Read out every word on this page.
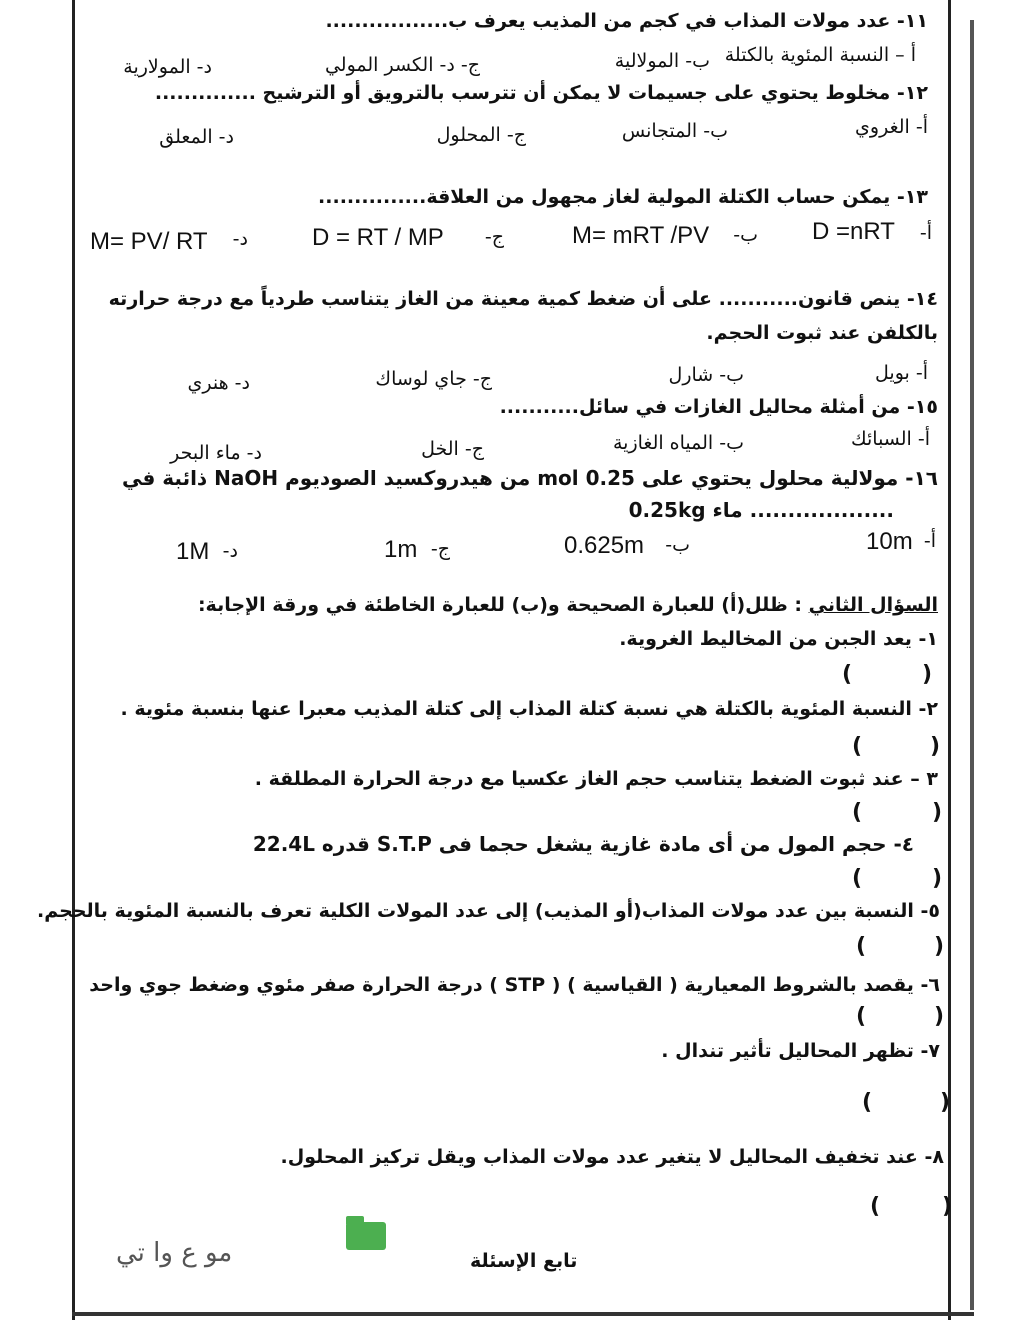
١١- عدد مولات المذاب في كجم من المذيب يعرف ب.................
أ – النسبة المئوية بالكتلة
ب- المولالية
ج- د- الكسر المولي
د- المولارية
١٢- مخلوط يحتوي على جسيمات لا يمكن أن تترسب بالترويق أو الترشيح ..............
أ- الغروي
ب- المتجانس
ج- المحلول
د- المعلق
١٣- يمكن حساب الكتلة المولية لغاز مجهول من العلاقة...............
أ-
D =nRT
ب-
M= mRT /PV
ج-
D = RT / MP
د-
M= PV/ RT
١٤- ينص قانون........... على أن ضغط كمية معينة من الغاز يتناسب طردياً مع درجة حرارته
بالكلفن عند ثبوت الحجم.
أ- بويل
ب- شارل
ج- جاي لوساك
د- هنري
١٥- من أمثلة محاليل الغازات في سائل...........
أ- السبائك
ب- المياه الغازية
ج- الخل
د- ماء البحر
١٦- مولالية محلول يحتوي على 0.25 mol من هيدروكسيد الصوديوم NaOH ذائبة في
0.25kg ماء ...................
أ-
10m
ب-
0.625m
ج-
1m
د-
1M
السؤال الثاني : ظلل(أ) للعبارة الصحيحة و(ب) للعبارة الخاطئة في ورقة الإجابة:
١- يعد الجبن من المخاليط الغروية.
(	)
٢- النسبة المئوية بالكتلة هي نسبة كتلة المذاب إلى كتلة المذيب معبرا عنها بنسبة مئوية .
(	)
٣ – عند ثبوت الضغط يتناسب حجم الغاز عكسيا مع درجة الحرارة المطلقة .
(	)
٤- حجم المول من أى مادة غازية يشغل حجما فى S.T.P قدره 22.4L
(	)
٥- النسبة بين عدد مولات المذاب(أو المذيب) إلى عدد المولات الكلية تعرف بالنسبة المئوية بالحجم.
(	)
٦- يقصد بالشروط المعيارية ( القياسية ) ( STP ) درجة الحرارة صفر مئوي وضغط جوي واحد
(	)
٧- تظهر المحاليل تأثير تندال .
(	)
٨- عند تخفيف المحاليل لا يتغير عدد مولات المذاب ويقل تركيز المحلول.
(	)
مو ع وا تي	تابع الإسئلة
